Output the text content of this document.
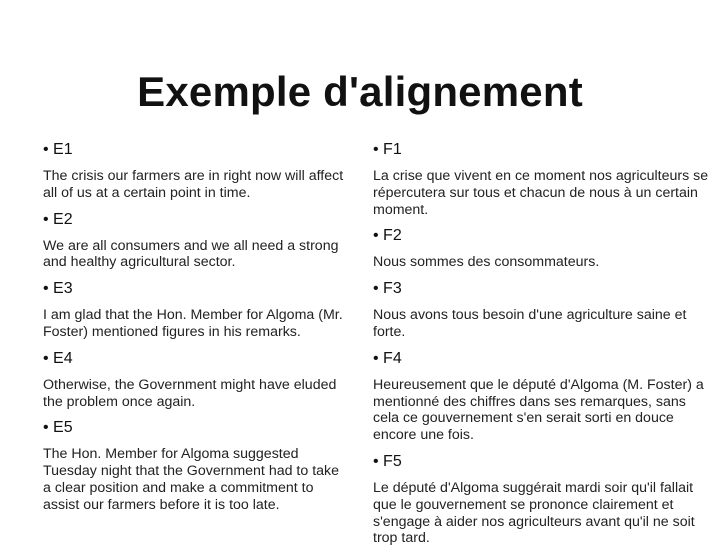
Exemple d'alignement

• E1

The crisis our farmers are in right now will affect all of us at a certain point in time.

• E2

We are all consumers and we all need a strong and healthy agricultural sector.

• E3

I am glad that the Hon. Member for Algoma (Mr. Foster) mentioned figures in his remarks.

• E4

Otherwise, the Government might have eluded the problem once again.

• E5

The Hon. Member for Algoma suggested Tuesday night that the Government had to take a clear position and make a commitment to assist our farmers before it is too late.

• F1

La crise que vivent en ce moment nos agriculteurs se répercutera sur tous et chacun de nous à un certain moment.

• F2

Nous sommes des consommateurs.

• F3

Nous avons tous besoin d'une agriculture saine et forte.

• F4

Heureusement que le député d'Algoma (M. Foster) a mentionné des chiffres dans ses remarques, sans cela ce gouvernement s'en serait sorti en douce encore une fois.

• F5

Le député d'Algoma suggérait mardi soir qu'il fallait que le gouvernement se prononce clairement et s'engage à aider nos agriculteurs avant qu'il ne soit trop tard.
